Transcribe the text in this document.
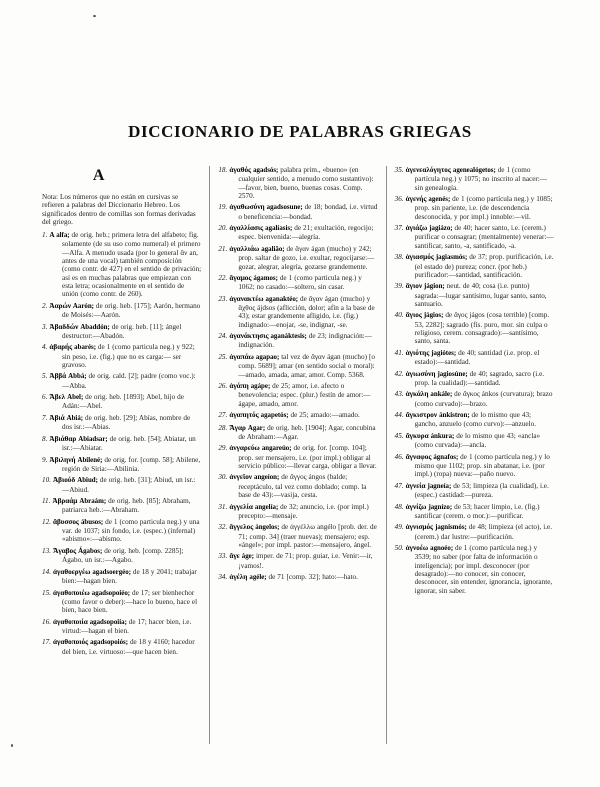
DICCIONARIO DE PALABRAS GRIEGAS
A

Nota: Los números que no están en cursivas se refieren a palabras del Diccionario Hebreo. Los significados dentro de comillas son formas derivadas del griego.

1. Α alfa; de orig. heb.; primera letra del alfabeto; fig. solamente (de su uso como numeral) el primero—Alfa. A menudo usada (por lo general ἄν an, antes de una vocal) también composición (como contr. de 427) en el sentido de privación; así es en muchas palabras que empiezan con esta letra; ocasionalmente en el sentido de unión (como contr. de 260).

2. Ἀαρών Aarón; de orig. heb. [175]; Aarón, hermano de Moisés:—Aarón.

3. Ἀβαδδών Abaddón; de orig. heb. [11]; ángel destructor:—Abadón.

4. ἀβαρής abarés; de 1 (como particula neg.) y 922; sin peso, i.e. (fig.) que no es carga:— ser gravoso.

5. Ἀββά Abbá; de orig. cald. [2]; padre (como voc.):—Abba.

6. Ἄβελ Abel; de orig. heb. [1893]; Abel, hijo de Adán:—Abel.

7. Ἀβιά Abiá; de orig. heb. [29]; Abías, nombre de dos isr.:—Abias.

8. Ἀβιάθαρ Abiadsar; de orig. heb. [54]; Abiatar, un isr.:—Abiatar.

9. Ἀβιληνή Abilené; de orig. for. [comp. 58]; Abilene, región de Siria:—Abilinia.

10. Ἀβιούδ Abiud; de orig. heb. [31]; Abiud, un isr.:—Abiud.

11. Ἀβραάμ Abraám; de orig. heb. [85]; Abraham, patriarca heb.:—Abraham.

12. ἄβυσσος ábusos; de 1 (como particula neg.) y una var. de 1037; sin fondo, i.e. (espec.) (infernal) «abismo»:—abismo.

13. Ἄγαβος Ágabos; de orig. heb. [comp. 2285]; Ágabo, un isr.:—Agabo.

14. ἀγαθοεργέω agadsoergéo; de 18 y 2041; trabajar bien:—hagan bien.

15. ἀγαθοποιέω agadsopoiéo; de 17; ser bienhechor (como favor o deber):—hace lo bueno, hace el bien, hace bien.

16. ἀγαθοποιία agadsopoiía; de 17; hacer bien, i.e. virtud:—hagan el bien.

17. ἀγαθοποιός agadsopoiós; de 18 y 4160; hacedor del bien, i.e. virtuoso:—que hacen bien.

18. ἀγαθός agadsós; palabra prim., «bueno» (en cualquier sentido, a menudo como sustantivo):—favor, bien, bueno, buenas cosas. Comp. 2570.

19. ἀγαθωσύνη agadsosune; de 18; bondad, i.e. virtud o beneficencia:—bondad.

20. ἀγαλλίασις agalíasis; de 21; exultación, regocijo; espec. bienvenida:—alegría.

21. ἀγαλλιάω agalião; de ἄγαν ágan (mucho) y 242; prop. saltar de gozo, i.e. exultar, regocijarse:—gozar, alegrar, alegría, gozarse grandemente.

22. ἄγαμος ágamos; de 1 (como particula neg.) y 1062; no casado:—soltero, sin casar.

23. ἀγανακτέω aganaktéo; de ἄγαν ágan (mucho) y ἄχθος ájdsos (aflicción, dolor; afín a la base de 43); estar grandemente afligido, i.e. (fig.) indignado:—enojar, -se, indignar, -se.

24. ἀγανάκτησις aganáktesis; de 23; indignación:—indignación.

25. ἀγαπάω agapao; tal vez de ἄγαν ágan (mucho) [o comp. 5689]; amar (en sentido social o moral):—amado, amada, amar, amor. Comp. 5368.

26. ἀγάπη agápe; de 25; amor, i.e. afecto o benevolencia; espec. (plur.) festín de amor:—ágape, amado, amor.

27. ἀγαπητός agapetós; de 25; amado:—amado.

28. Ἄγαρ Agar; de orig. heb. [1904]; Agar, concubina de Abraham:—Agar.

29. ἀνγαρεύω angareúo; de orig. for. [comp. 104]; prop. ser mensajero, i.e. (por impl.) obligar al servicio público:—llevar carga, obligar a llevar.

30. ἀνγεῖον angeíon; de ἄγγος ángos (balde; receptáculo, tal vez como doblado; comp. la base de 43):—vasija, cesta.

31. ἀγγελία angelía; de 32; anuncio, i.e. (por impl.) precepto:—mensaje.

32. ἄγγελος ángelos; de ἀγγέλλω angélo [prob. der. de 71; comp. 34] (traer nuevas); mensajero; esp. «ángel»; por impl. pastor:—mensajero, ángel.

33. ἄγε áge; imper. de 71; prop. guiar, i.e. Venir:—ir, ¡vamos!.

34. ἀγέλη agéle; de 71 [comp. 32]; hato:—hato.

35. ἀγενεαλόγητος agenealógetos; de 1 (como partícula neg.) y 1075; no inscrito al nacer:—sin genealogía.

36. ἀγενής agenés; de 1 (como partícula neg.) y 1085; prop. sin pariente, i.e. (de descendencia desconocida, y por impl.) innoble:—vil.

37. ἁγιάζω jagiázo; de 40; hacer santo, i.e. (cerem.) purificar o consagrar; (mentalmente) venerar:—santificar, santo, -a, santificado, -a.

38. ἁγιασμός jagiasmós; de 37; prop. purificación, i.e. (el estado de) pureza; concr. (por heb.) purificador:—santidad, santificación.

39. ἅγιον jágion; neut. de 40; cosa (i.e. punto) sagrada:—lugar santísimo, lugar santo, santo, santuario.

40. ἅγιος jágios; de ἅγος jágos (cosa terrible) [comp. 53, 2282]; sagrado (fís. puro, mor. sin culpa o religioso, cerem. consagrado):—santísimo, santo, santa.

41. ἁγιότης jagiótes; de 40; santidad (i.e. prop. el estado):—santidad.

42. ἁγιωσύνη jagiosúne; de 40; sagrado, sacro (i.e. prop. la cualidad):—santidad.

43. ἀγκάλη ankále; de ἄγκος ánkos (curvatura); brazo (como curvado):—brazo.

44. ἄγκιστρον ánkistron; de lo mismo que 43; gancho, anzuelo (como curvo):—anzuelo.

45. ἄγκυρα ánkura; de lo mismo que 43; «ancla» (como curvada):—ancla.

46. ἄγναφος ágnafos; de 1 (como partícula neg.) y lo mismo que 1102; prop. sin abatanar, i.e. (por impl.) (ropa) nueva:—paño nuevo.

47. ἁγνεία jagneía; de 53; limpieza (la cualidad), i.e. (espec.) castidad:—pureza.

48. ἁγνίζω jagnízo; de 53; hacer limpio, i.e. (fig.) santificar (cerem. o mor.):—purificar.

49. ἁγνισμός jagnismós; de 48; limpieza (el acto), i.e. (cerem.) dar lustre:—purificación.

50. ἀγνοέω agnoéo; de 1 (como partícula neg.) y 3539; no saber (por falta de información o inteligencia); por impl. desconocer (por desagrado):—no conocer, sin conocer, desconocer, sin entender, ignorancia, ignorante, ignorar, sin saber.
